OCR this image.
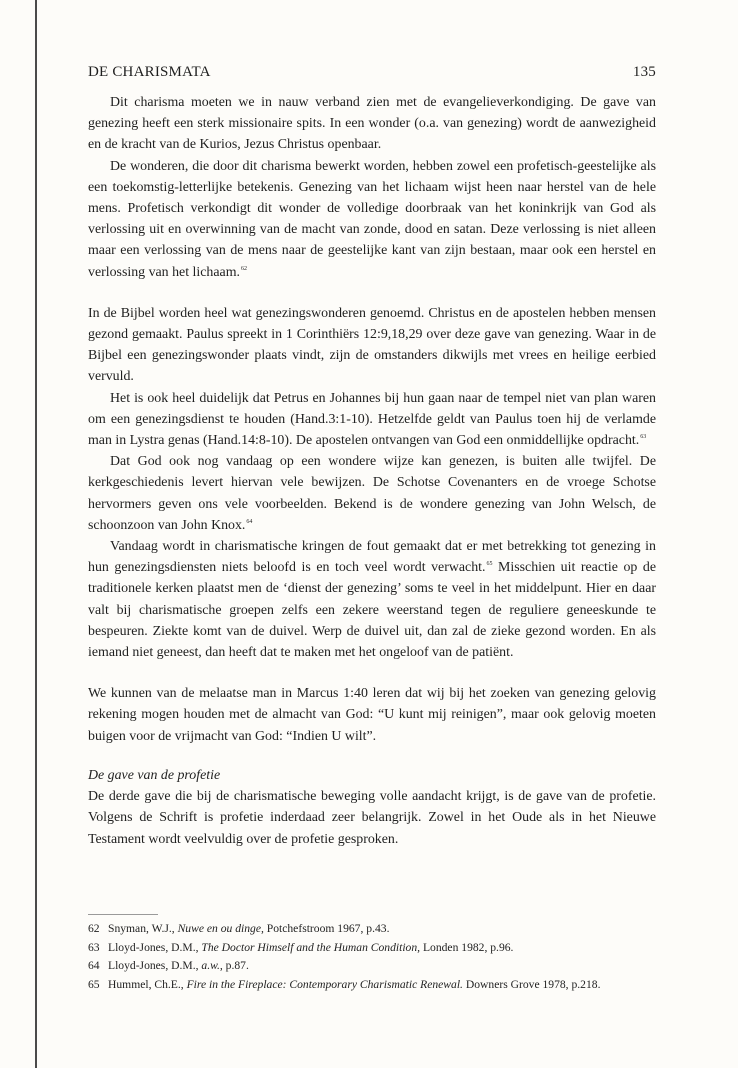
DE CHARISMATA	135

Dit charisma moeten we in nauw verband zien met de evangelieverkondiging. De gave van genezing heeft een sterk missionaire spits. In een wonder (o.a. van genezing) wordt de aanwezigheid en de kracht van de Kurios, Jezus Christus openbaar.

De wonderen, die door dit charisma bewerkt worden, hebben zowel een profetisch-geestelijke als een toekomstig-letterlijke betekenis. Genezing van het lichaam wijst heen naar herstel van de hele mens. Profetisch verkondigt dit wonder de volledige doorbraak van het koninkrijk van God als verlossing uit en overwinning van de macht van zonde, dood en satan. Deze verlossing is niet alleen maar een verlossing van de mens naar de geestelijke kant van zijn bestaan, maar ook een herstel en verlossing van het lichaam.$^{62}$

In de Bijbel worden heel wat genezingswonderen genoemd. Christus en de apostelen hebben mensen gezond gemaakt. Paulus spreekt in 1 Corinthiërs 12:9,18,29 over deze gave van genezing. Waar in de Bijbel een genezingswonder plaats vindt, zijn de omstanders dikwijls met vrees en heilige eerbied vervuld.

Het is ook heel duidelijk dat Petrus en Johannes bij hun gaan naar de tempel niet van plan waren om een genezingsdienst te houden (Hand.3:1-10). Hetzelfde geldt van Paulus toen hij de verlamde man in Lystra genas (Hand.14:8-10). De apostelen ontvangen van God een onmiddellijke opdracht.$^{63}$

Dat God ook nog vandaag op een wondere wijze kan genezen, is buiten alle twijfel. De kerkgeschiedenis levert hiervan vele bewijzen. De Schotse Covenanters en de vroege Schotse hervormers geven ons vele voorbeelden. Bekend is de wondere genezing van John Welsch, de schoonzoon van John Knox.$^{64}$

Vandaag wordt in charismatische kringen de fout gemaakt dat er met betrekking tot genezing in hun genezingsdiensten niets beloofd is en toch veel wordt verwacht.$^{65}$ Misschien uit reactie op de traditionele kerken plaatst men de ‘dienst der genezing’ soms te veel in het middelpunt. Hier en daar valt bij charismatische groepen zelfs een zekere weerstand tegen de reguliere geneeskunde te bespeuren. Ziekte komt van de duivel. Werp de duivel uit, dan zal de zieke gezond worden. En als iemand niet geneest, dan heeft dat te maken met het ongeloof van de patiënt.

We kunnen van de melaatse man in Marcus 1:40 leren dat wij bij het zoeken van genezing gelovig rekening mogen houden met de almacht van God: “U kunt mij reinigen”, maar ook gelovig moeten buigen voor de vrijmacht van God: “Indien U wilt”.

De gave van de profetie

De derde gave die bij de charismatische beweging volle aandacht krijgt, is de gave van de profetie. Volgens de Schrift is profetie inderdaad zeer belangrijk. Zowel in het Oude als in het Nieuwe Testament wordt veelvuldig over de profetie gesproken.

62 Snyman, W.J., Nuwe en ou dinge, Potchefstroom 1967, p.43.
63 Lloyd-Jones, D.M., The Doctor Himself and the Human Condition, Londen 1982, p.96.
64 Lloyd-Jones, D.M., a.w., p.87.
65 Hummel, Ch.E., Fire in the Fireplace: Contemporary Charismatic Renewal. Downers Grove 1978, p.218.
